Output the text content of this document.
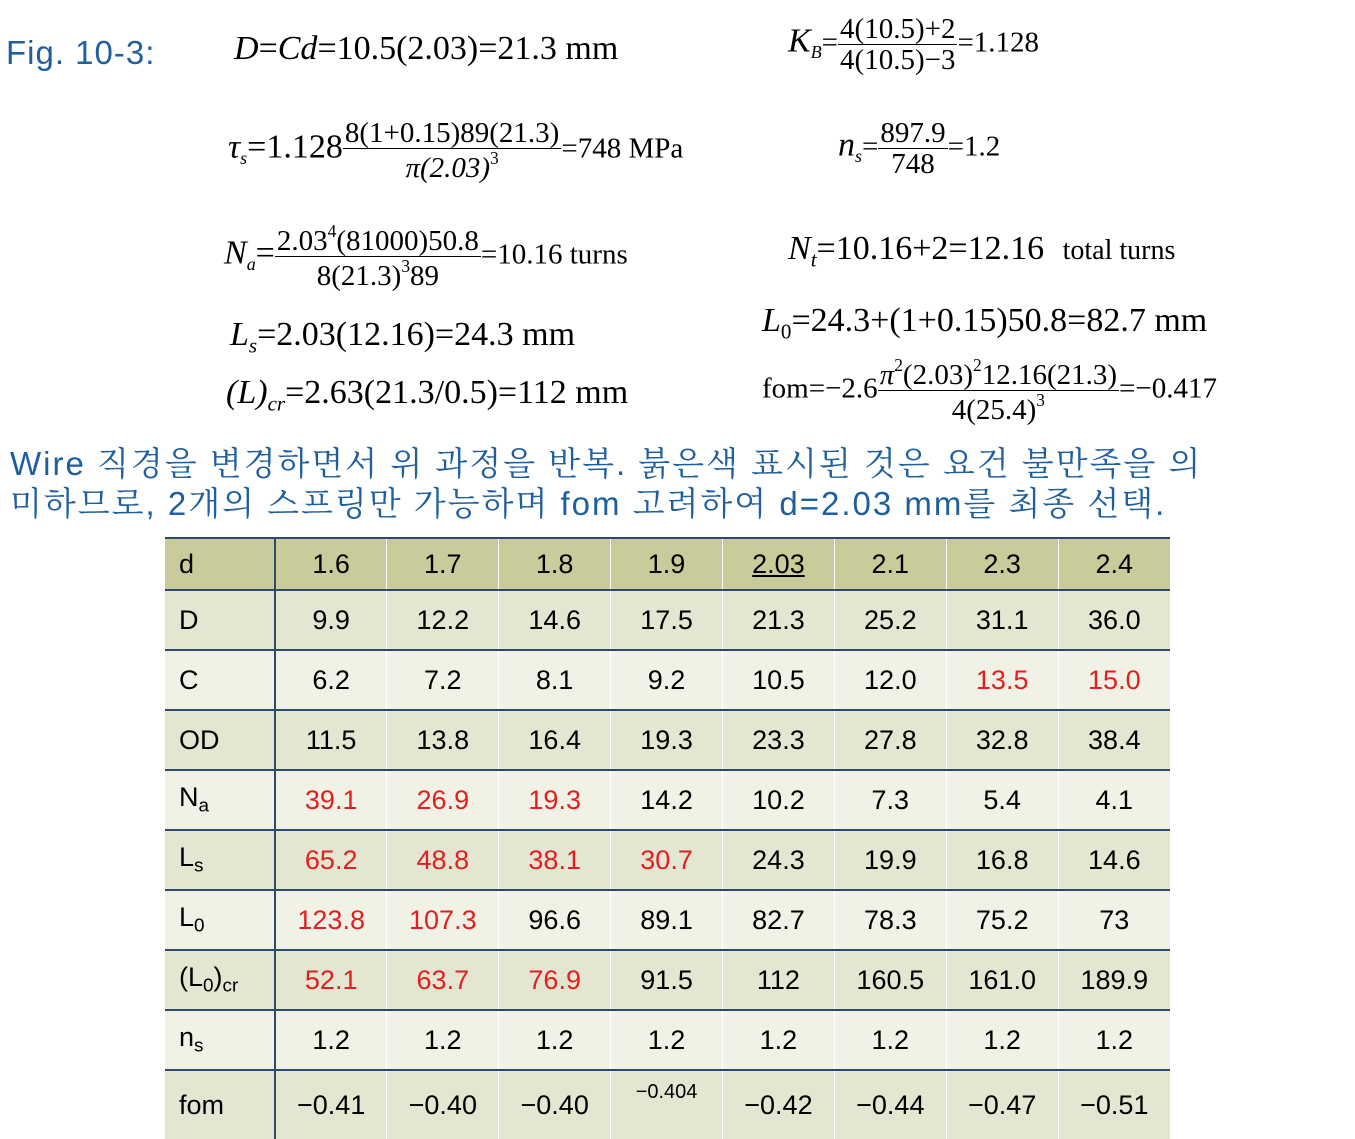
Fig. 10-3: D=Cd=10.5(2.03)=21.3 mm	$K_B= \frac{4(10.5)+2}{4(10.5)-3} =1.128$
$\tau_s=1.128 \frac{8(1+0.15)89(21.3)}{\pi(2.03)^3} =748$ MPa	$n_s= \frac{897.9}{748} =1.2$
$N_a= \frac{2.03^4(81000)50.8}{8(21.3)^389} =10.16$ turns	$N_t=10.16+2=12.16$ total turns
$L_s=2.03(12.16)=24.3$ mm	$L_0=24.3+(1+0.15)50.8=82.7$ mm
$(L)_{cr}=2.63(21.3/0.5)=112$ mm	$fom=-2.6 \frac{\pi^2(2.03)^212.16(21.3)}{4(25.4)^3} =-0.417$
Wire 직경을 변경하면서 위 과정을 반복. 붉은색 표시된 것은 요건 불만족을 의
미하므로, 2개의 스프링만 가능하며 fom 고려하여 d=2.03 mm를 최종 선택.
d	1.6	1.7	1.8	1.9	2.03	2.1	2.3	2.4
D	9.9	12.2	14.6	17.5	21.3	25.2	31.1	36.0
C	6.2	7.2	8.1	9.2	10.5	12.0	13.5	15.0
OD	11.5	13.8	16.4	19.3	23.3	27.8	32.8	38.4
$N_a$	39.1	26.9	19.3	14.2	10.2	7.3	5.4	4.1
$L_s$	65.2	48.8	38.1	30.7	24.3	19.9	16.8	14.6
$L_0$	123.8	107.3	96.6	89.1	82.7	78.3	75.2	73
$(L_0)_{cr}$	52.1	63.7	76.9	91.5	112	160.5	161.0	189.9
$n_s$	1.2	1.2	1.2	1.2	1.2	1.2	1.2	1.2
fom	−0.41	−0.40	−0.40	−0.404	−0.42	−0.44	−0.47	−0.51
